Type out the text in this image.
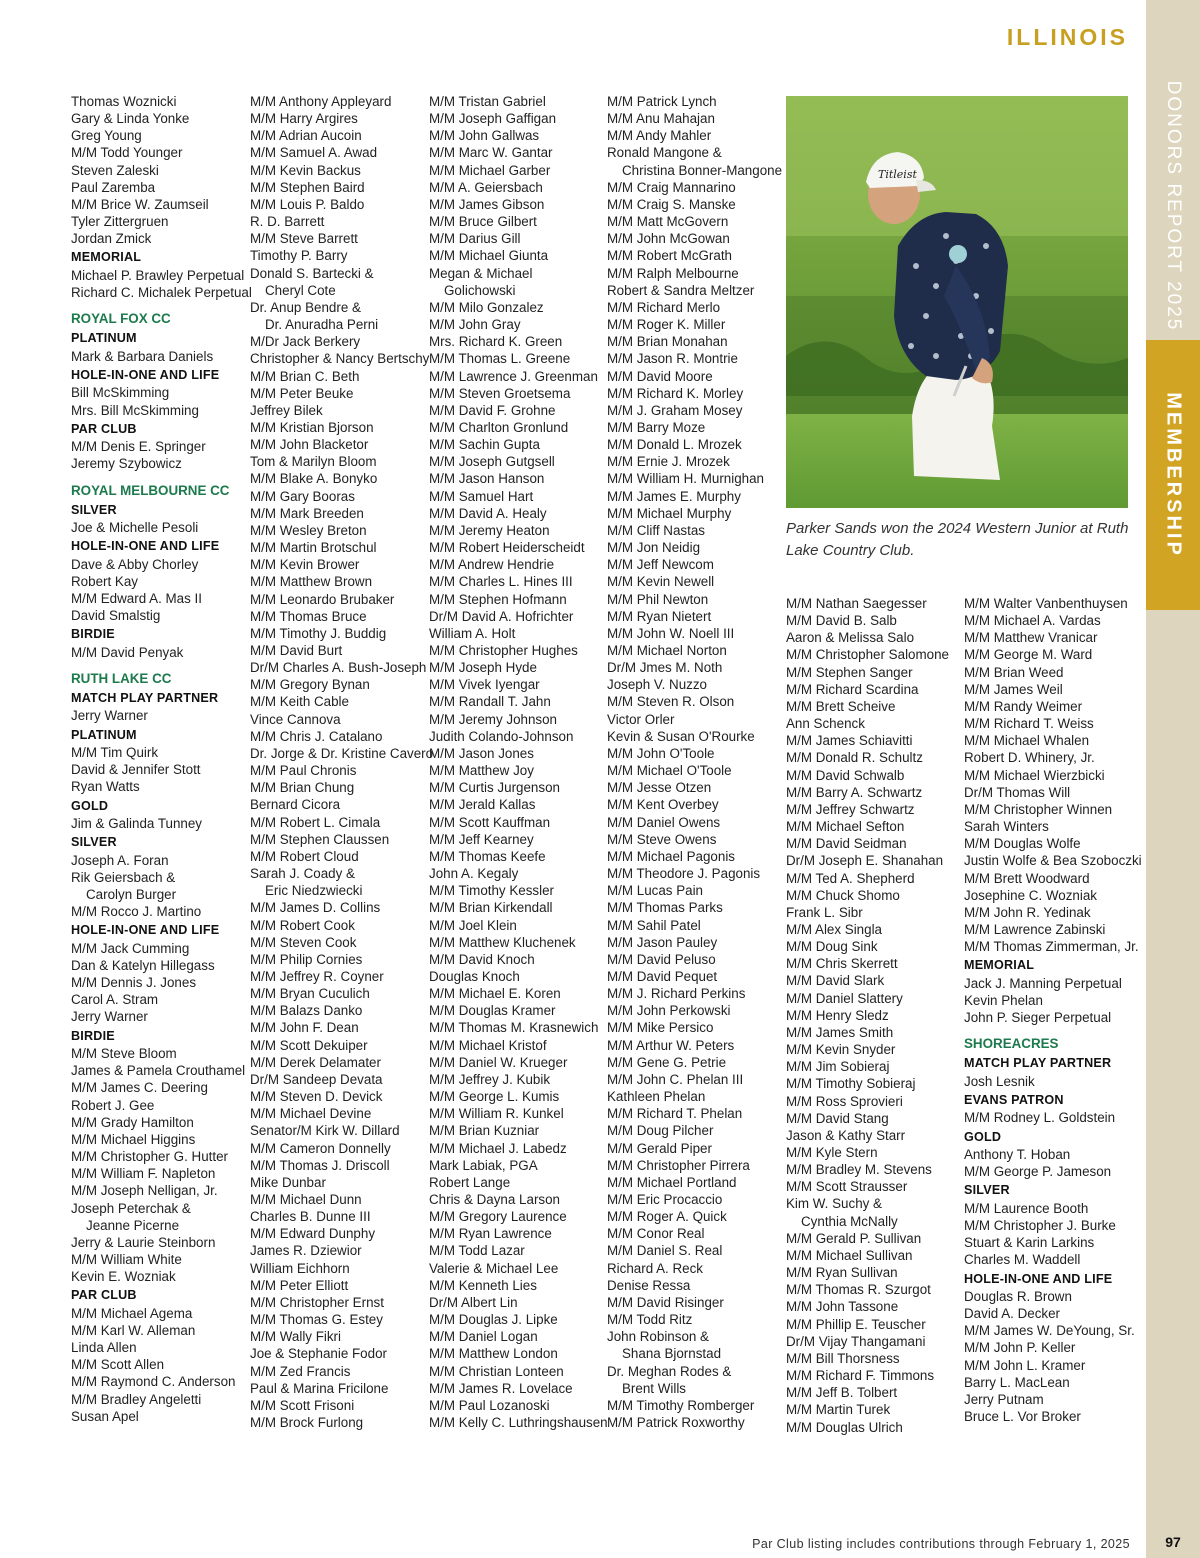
ILLINOIS
DONORS REPORT 2025
MEMBERSHIP
Thomas Woznicki
Gary & Linda Yonke
Greg Young
M/M Todd Younger
Steven Zaleski
Paul Zaremba
M/M Brice W. Zaumseil
Tyler Zittergruen
Jordan Zmick
MEMORIAL
Michael P. Brawley Perpetual
Richard C. Michalek Perpetual
ROYAL FOX CC
PLATINUM
Mark & Barbara Daniels
HOLE-IN-ONE AND LIFE
Bill McSkimming
Mrs. Bill McSkimming
PAR CLUB
M/M Denis E. Springer
Jeremy Szybowicz
ROYAL MELBOURNE CC
SILVER
Joe & Michelle Pesoli
HOLE-IN-ONE AND LIFE
Dave & Abby Chorley
Robert Kay
M/M Edward A. Mas II
David Smalstig
BIRDIE
M/M David Penyak
RUTH LAKE CC
MATCH PLAY PARTNER
Jerry Warner
PLATINUM
M/M Tim Quirk
David & Jennifer Stott
Ryan Watts
GOLD
Jim & Galinda Tunney
SILVER
Joseph A. Foran
Rik Geiersbach &
Carolyn Burger
M/M Rocco J. Martino
HOLE-IN-ONE AND LIFE
M/M Jack Cumming
Dan & Katelyn Hillegass
M/M Dennis J. Jones
Carol A. Stram
Jerry Warner
BIRDIE
M/M Steve Bloom
James & Pamela Crouthamel
M/M James C. Deering
Robert J. Gee
M/M Grady Hamilton
M/M Michael Higgins
M/M Christopher G. Hutter
M/M William F. Napleton
M/M Joseph Nelligan, Jr.
Joseph Peterchak &
Jeanne Picerne
Jerry & Laurie Steinborn
M/M William White
Kevin E. Wozniak
PAR CLUB
M/M Michael Agema
M/M Karl W. Alleman
Linda Allen
M/M Scott Allen
M/M Raymond C. Anderson
M/M Bradley Angeletti
Susan Apel
M/M Anthony Appleyard
M/M Harry Argires
M/M Adrian Aucoin
M/M Samuel A. Awad
M/M Kevin Backus
M/M Stephen Baird
M/M Louis P. Baldo
R. D. Barrett
M/M Steve Barrett
Timothy P. Barry
Donald S. Bartecki &
Cheryl Cote
Dr. Anup Bendre &
Dr. Anuradha Perni
M/Dr Jack Berkery
Christopher & Nancy Bertschy
M/M Brian C. Beth
M/M Peter Beuke
Jeffrey Bilek
M/M Kristian Bjorson
M/M John Blacketor
Tom & Marilyn Bloom
M/M Blake A. Bonyko
M/M Gary Booras
M/M Mark Breeden
M/M Wesley Breton
M/M Martin Brotschul
M/M Kevin Brower
M/M Matthew Brown
M/M Leonardo Brubaker
M/M Thomas Bruce
M/M Timothy J. Buddig
M/M David Burt
Dr/M Charles A. Bush-Joseph
M/M Gregory Bynan
M/M Keith Cable
Vince Cannova
M/M Chris J. Catalano
Dr. Jorge & Dr. Kristine Cavero
M/M Paul Chronis
M/M Brian Chung
Bernard Cicora
M/M Robert L. Cimala
M/M Stephen Claussen
M/M Robert Cloud
Sarah J. Coady &
Eric Niedzwiecki
M/M James D. Collins
M/M Robert Cook
M/M Steven Cook
M/M Philip Cornies
M/M Jeffrey R. Coyner
M/M Bryan Cuculich
M/M Balazs Danko
M/M John F. Dean
M/M Scott Dekuiper
M/M Derek Delamater
Dr/M Sandeep Devata
M/M Steven D. Devick
M/M Michael Devine
Senator/M Kirk W. Dillard
M/M Cameron Donnelly
M/M Thomas J. Driscoll
Mike Dunbar
M/M Michael Dunn
Charles B. Dunne III
M/M Edward Dunphy
James R. Dziewior
William Eichhorn
M/M Peter Elliott
M/M Christopher Ernst
M/M Thomas G. Estey
M/M Wally Fikri
Joe & Stephanie Fodor
M/M Zed Francis
Paul & Marina Fricilone
M/M Scott Frisoni
M/M Brock Furlong
M/M Tristan Gabriel
M/M Joseph Gaffigan
M/M John Gallwas
M/M Marc W. Gantar
M/M Michael Garber
M/M A. Geiersbach
M/M James Gibson
M/M Bruce Gilbert
M/M Darius Gill
M/M Michael Giunta
Megan & Michael
Golichowski
M/M Milo Gonzalez
M/M John Gray
Mrs. Richard K. Green
M/M Thomas L. Greene
M/M Lawrence J. Greenman
M/M Steven Groetsema
M/M David F. Grohne
M/M Charlton Gronlund
M/M Sachin Gupta
M/M Joseph Gutgsell
M/M Jason Hanson
M/M Samuel Hart
M/M David A. Healy
M/M Jeremy Heaton
M/M Robert Heiderscheidt
M/M Andrew Hendrie
M/M Charles L. Hines III
M/M Stephen Hofmann
Dr/M David A. Hofrichter
William A. Holt
M/M Christopher Hughes
M/M Joseph Hyde
M/M Vivek Iyengar
M/M Randall T. Jahn
M/M Jeremy Johnson
Judith Colando-Johnson
M/M Jason Jones
M/M Matthew Joy
M/M Curtis Jurgenson
M/M Jerald Kallas
M/M Scott Kauffman
M/M Jeff Kearney
M/M Thomas Keefe
John A. Kegaly
M/M Timothy Kessler
M/M Brian Kirkendall
M/M Joel Klein
M/M Matthew Kluchenek
M/M David Knoch
Douglas Knoch
M/M Michael E. Koren
M/M Douglas Kramer
M/M Thomas M. Krasnewich
M/M Michael Kristof
M/M Daniel W. Krueger
M/M Jeffrey J. Kubik
M/M George L. Kumis
M/M William R. Kunkel
M/M Brian Kuzniar
M/M Michael J. Labedz
Mark Labiak, PGA
Robert Lange
Chris & Dayna Larson
M/M Gregory Laurence
M/M Ryan Lawrence
M/M Todd Lazar
Valerie & Michael Lee
M/M Kenneth Lies
Dr/M Albert Lin
M/M Douglas J. Lipke
M/M Daniel Logan
M/M Matthew London
M/M Christian Lonteen
M/M James R. Lovelace
M/M Paul Lozanoski
M/M Kelly C. Luthringshausen
M/M Patrick Lynch
M/M Anu Mahajan
M/M Andy Mahler
Ronald Mangone &
Christina Bonner-Mangone
M/M Craig Mannarino
M/M Craig S. Manske
M/M Matt McGovern
M/M John McGowan
M/M Robert McGrath
M/M Ralph Melbourne
Robert & Sandra Meltzer
M/M Richard Merlo
M/M Roger K. Miller
M/M Brian Monahan
M/M Jason R. Montrie
M/M David Moore
M/M Richard K. Morley
M/M J. Graham Mosey
M/M Barry Moze
M/M Donald L. Mrozek
M/M Ernie J. Mrozek
M/M William H. Murnighan
M/M James E. Murphy
M/M Michael Murphy
M/M Cliff Nastas
M/M Jon Neidig
M/M Jeff Newcom
M/M Kevin Newell
M/M Phil Newton
M/M Ryan Nietert
M/M John W. Noell III
M/M Michael Norton
Dr/M Jmes M. Noth
Joseph V. Nuzzo
M/M Steven R. Olson
Victor Orler
Kevin & Susan O'Rourke
M/M John O'Toole
M/M Michael O'Toole
M/M Jesse Otzen
M/M Kent Overbey
M/M Daniel Owens
M/M Steve Owens
M/M Michael Pagonis
M/M Theodore J. Pagonis
M/M Lucas Pain
M/M Thomas Parks
M/M Sahil Patel
M/M Jason Pauley
M/M David Peluso
M/M David Pequet
M/M J. Richard Perkins
M/M John Perkowski
M/M Mike Persico
M/M Arthur W. Peters
M/M Gene G. Petrie
M/M John C. Phelan III
Kathleen Phelan
M/M Richard T. Phelan
M/M Doug Pilcher
M/M Gerald Piper
M/M Christopher Pirrera
M/M Michael Portland
M/M Eric Procaccio
M/M Roger A. Quick
M/M Conor Real
M/M Daniel S. Real
Richard A. Reck
Denise Ressa
M/M David Risinger
M/M Todd Ritz
John Robinson &
Shana Bjornstad
Dr. Meghan Rodes &
Brent Wills
M/M Timothy Romberger
M/M Patrick Roxworthy
Titleist
Parker Sands won the 2024 Western Junior at Ruth Lake Country Club.
M/M Nathan Saegesser
M/M David B. Salb
Aaron & Melissa Salo
M/M Christopher Salomone
M/M Stephen Sanger
M/M Richard Scardina
M/M Brett Scheive
Ann Schenck
M/M James Schiavitti
M/M Donald R. Schultz
M/M David Schwalb
M/M Barry A. Schwartz
M/M Jeffrey Schwartz
M/M Michael Sefton
M/M David Seidman
Dr/M Joseph E. Shanahan
M/M Ted A. Shepherd
M/M Chuck Shomo
Frank L. Sibr
M/M Alex Singla
M/M Doug Sink
M/M Chris Skerrett
M/M David Slark
M/M Daniel Slattery
M/M Henry Sledz
M/M James Smith
M/M Kevin Snyder
M/M Jim Sobieraj
M/M Timothy Sobieraj
M/M Ross Sprovieri
M/M David Stang
Jason & Kathy Starr
M/M Kyle Stern
M/M Bradley M. Stevens
M/M Scott Strausser
Kim W. Suchy &
Cynthia McNally
M/M Gerald P. Sullivan
M/M Michael Sullivan
M/M Ryan Sullivan
M/M Thomas R. Szurgot
M/M John Tassone
M/M Phillip E. Teuscher
Dr/M Vijay Thangamani
M/M Bill Thorsness
M/M Richard F. Timmons
M/M Jeff B. Tolbert
M/M Martin Turek
M/M Douglas Ulrich
M/M Walter Vanbenthuysen
M/M Michael A. Vardas
M/M Matthew Vranicar
M/M George M. Ward
M/M Brian Weed
M/M James Weil
M/M Randy Weimer
M/M Richard T. Weiss
M/M Michael Whalen
Robert D. Whinery, Jr.
M/M Michael Wierzbicki
Dr/M Thomas Will
M/M Christopher Winnen
Sarah Winters
M/M Douglas Wolfe
Justin Wolfe & Bea Szoboczki
M/M Brett Woodward
Josephine C. Wozniak
M/M John R. Yedinak
M/M Lawrence Zabinski
M/M Thomas Zimmerman, Jr.
MEMORIAL
Jack J. Manning Perpetual
Kevin Phelan
John P. Sieger Perpetual
SHOREACRES
MATCH PLAY PARTNER
Josh Lesnik
EVANS PATRON
M/M Rodney L. Goldstein
GOLD
Anthony T. Hoban
M/M George P. Jameson
SILVER
M/M Laurence Booth
M/M Christopher J. Burke
Stuart & Karin Larkins
Charles M. Waddell
HOLE-IN-ONE AND LIFE
Douglas R. Brown
David A. Decker
M/M James W. DeYoung, Sr.
M/M John P. Keller
M/M John L. Kramer
Barry L. MacLean
Jerry Putnam
Bruce L. Vor Broker
Par Club listing includes contributions through February 1, 2025	97
